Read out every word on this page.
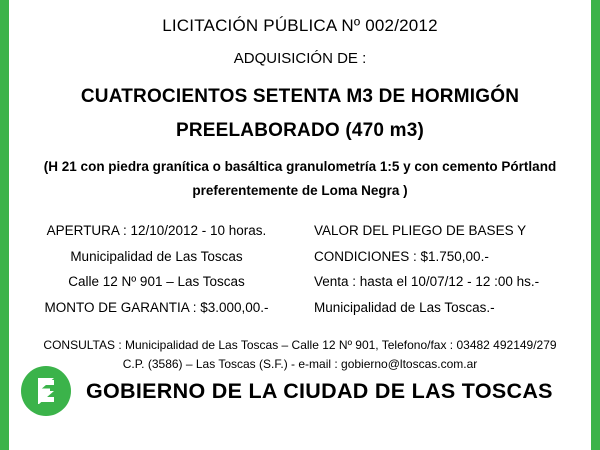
LICITACIÓN PÚBLICA Nº 002/2012
ADQUISICIÓN DE :
CUATROCIENTOS SETENTA M3 DE HORMIGÓN
PREELABORADO (470 m3)
(H 21 con piedra granítica o basáltica granulometría 1:5 y con cemento Pórtland
preferentemente de Loma Negra )
APERTURA : 12/10/2012 - 10 horas.
Municipalidad de Las Toscas
Calle 12 Nº 901 – Las Toscas
MONTO DE GARANTIA : $3.000,00.-
VALOR DEL PLIEGO DE BASES Y
CONDICIONES : $1.750,00.-
Venta : hasta el 10/07/12 - 12 :00 hs.-
Municipalidad de Las Toscas.-
CONSULTAS : Municipalidad de Las Toscas – Calle 12 Nº 901, Telefono/fax : 03482 492149/279
C.P. (3586) – Las Toscas (S.F.) - e-mail : gobierno@ltoscas.com.ar
GOBIERNO DE LA CIUDAD DE LAS TOSCAS
